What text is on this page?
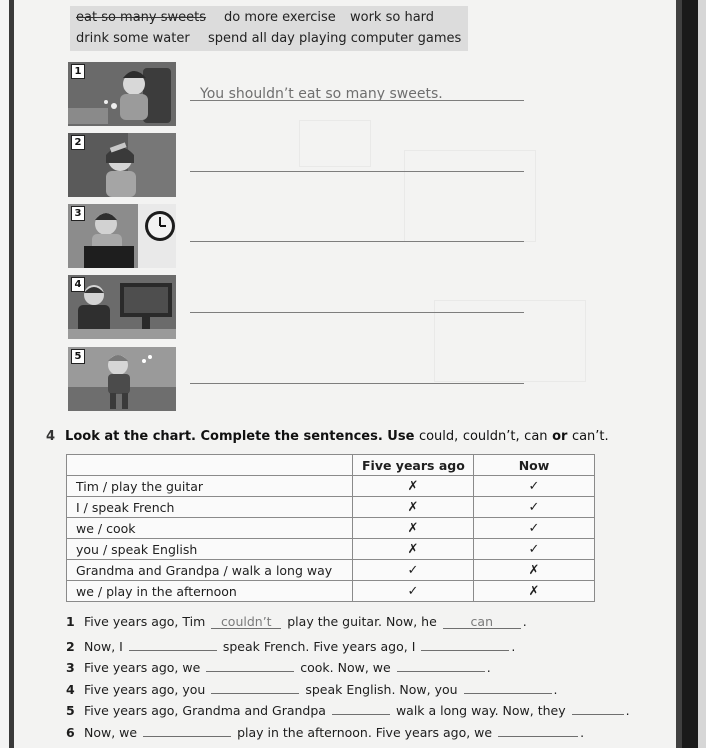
eat so many sweets do more exercise work so hard
drink some water spend all day playing computer games
1
2
3
4
5
You shouldn’t eat so many sweets.
4 Look at the chart. Complete the sentences. Use could, couldn’t, can or can’t.
	Five years ago	Now
Tim / play the guitar	✗	✓
I / speak French	✗	✓
we / cook	✗	✓
you / speak English	✗	✓
Grandma and Grandpa / walk a long way	✓	✗
we / play in the afternoon	✓	✗
1 Five years ago, Tim couldn’t play the guitar. Now, he	can .
2 Now, I	speak French. Five years ago, I	.
3 Five years ago, we	cook. Now, we	.
4 Five years ago, you	speak English. Now, you	.
5 Five years ago, Grandma and Grandpa	walk a long way. Now, they	.
6 Now, we	play in the afternoon. Five years ago, we	.
